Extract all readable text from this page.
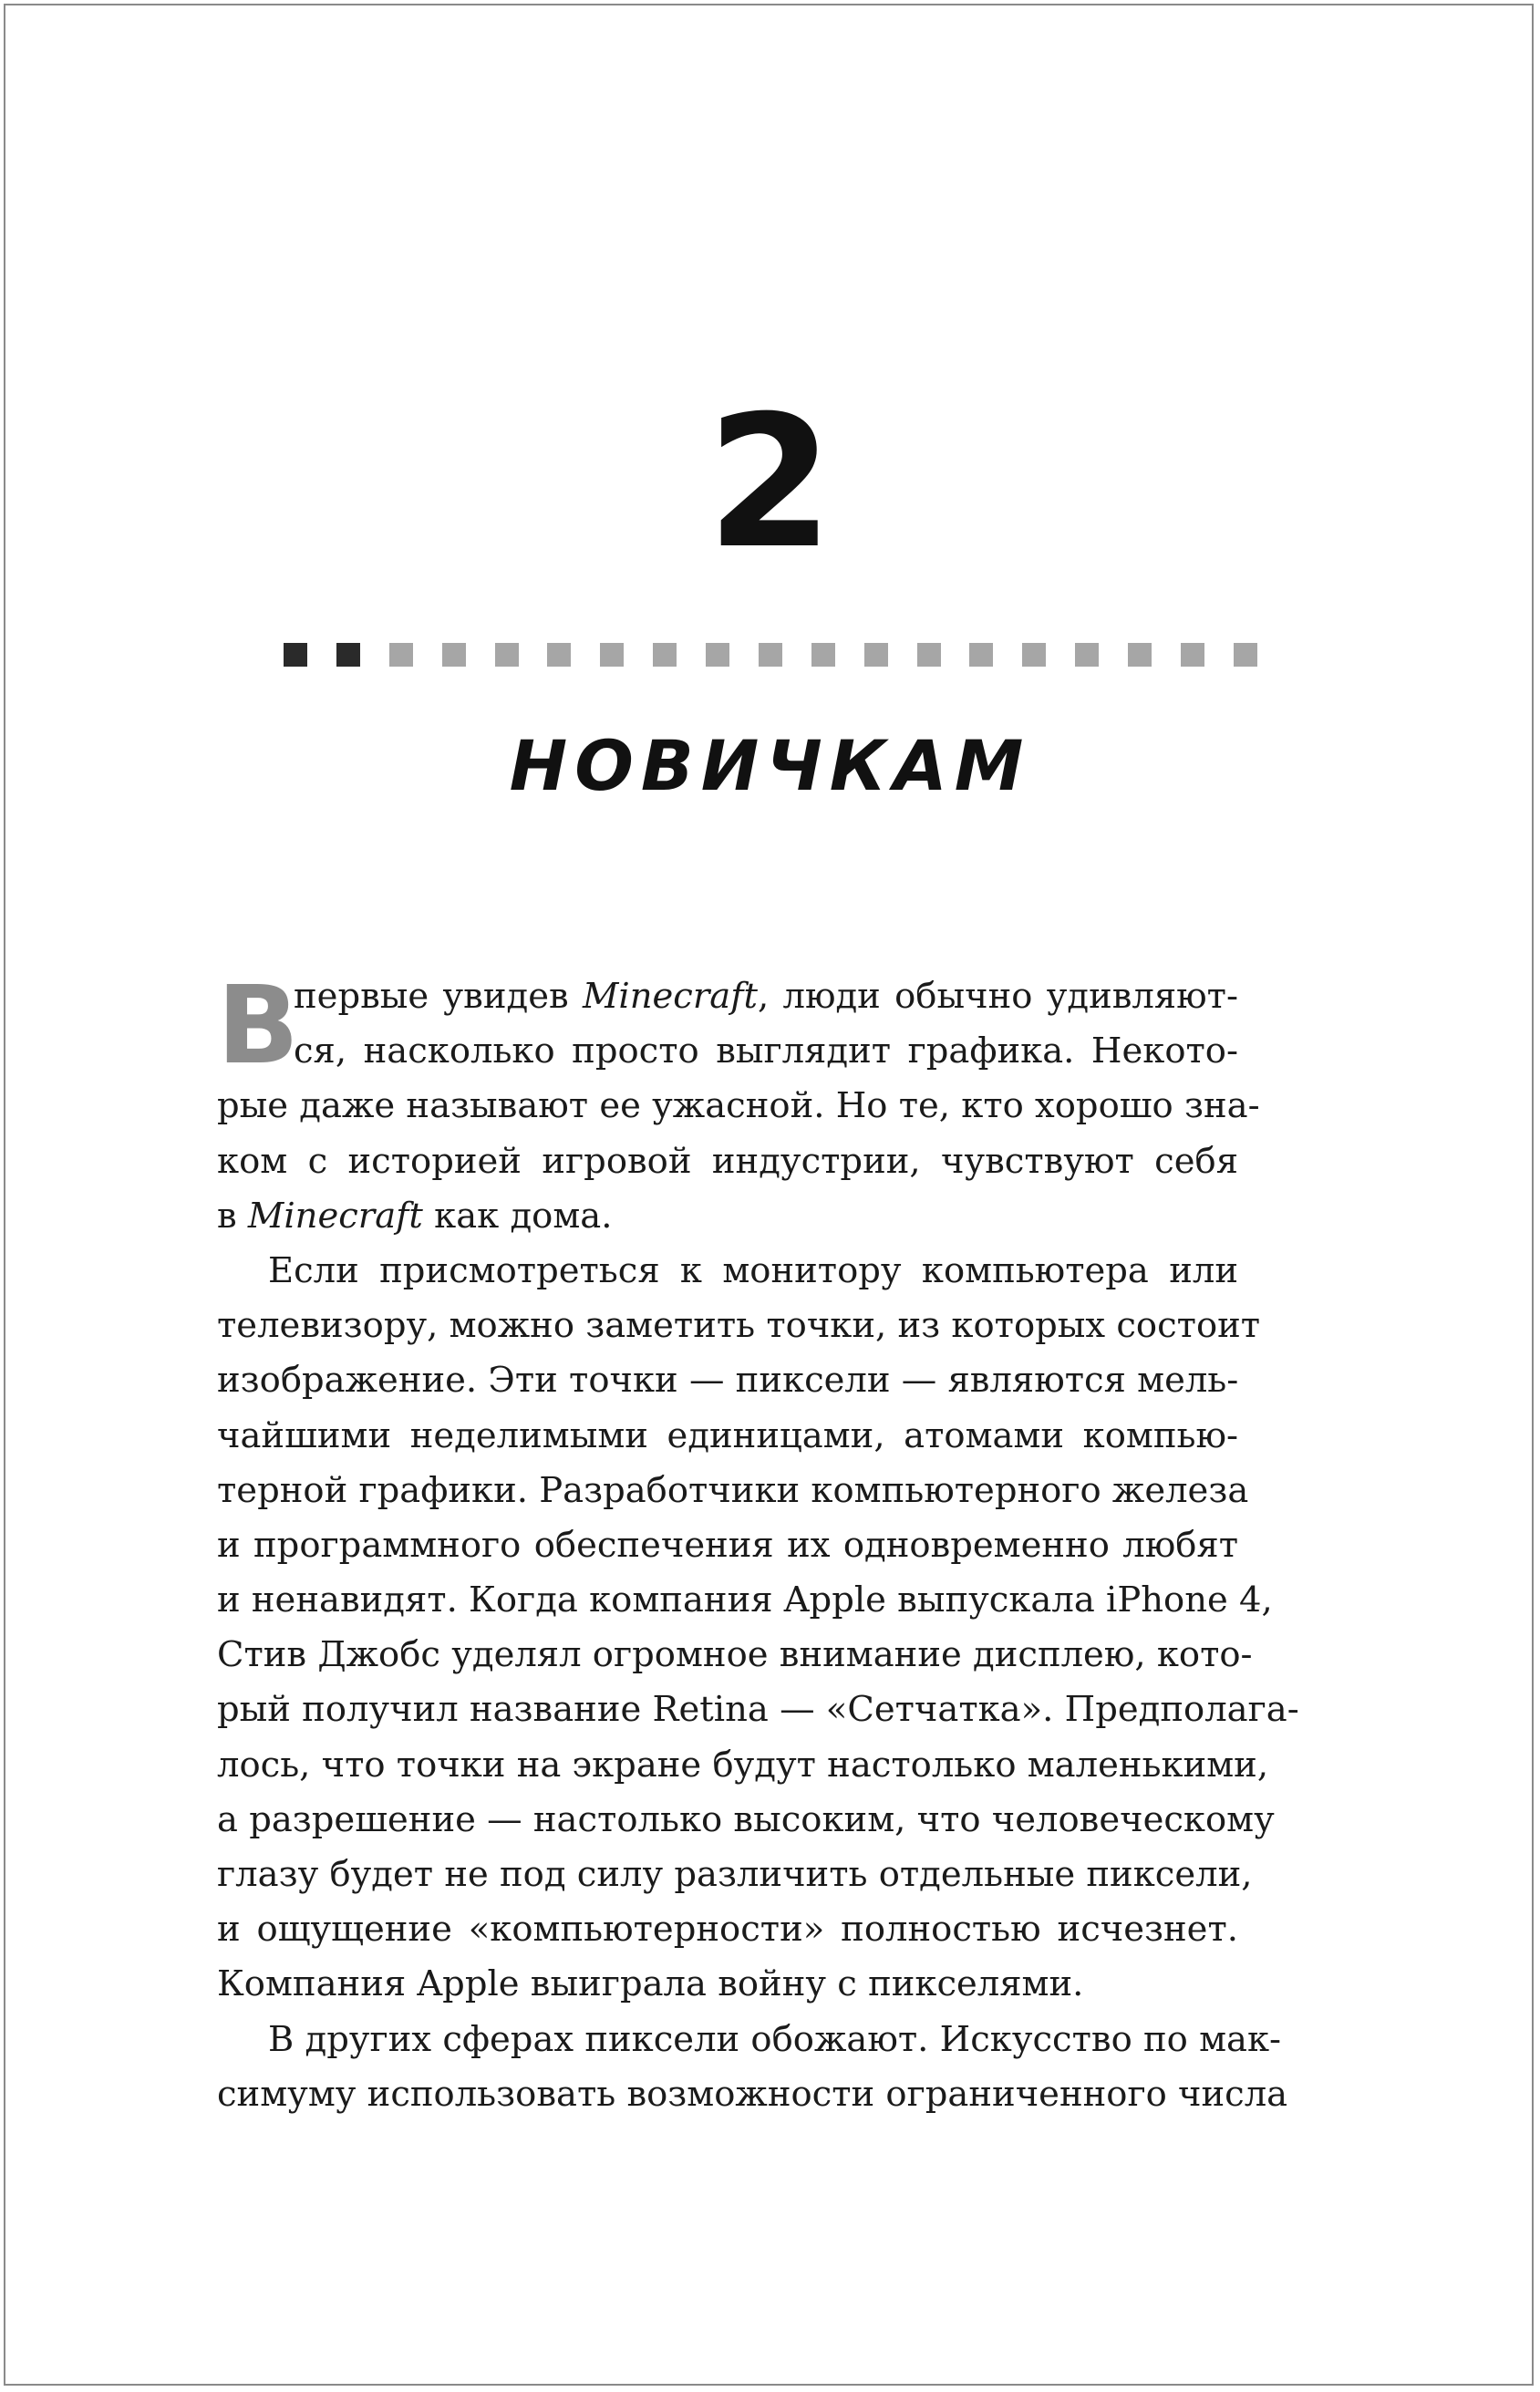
2
НОВИЧКАМ
В
первые увидев Minecraft, люди обычно удивляют-
ся, насколько просто выглядит графика. Некото-
рые даже называют ее ужасной. Но те, кто хорошо зна-
ком с историей игровой индустрии, чувствуют себя
в Minecraft как дома.
Если присмотреться к монитору компьютера или
телевизору, можно заметить точки, из которых состоит
изображение. Эти точки — пиксели — являются мель-
чайшими неделимыми единицами, атомами компью-
терной графики. Разработчики компьютерного железа
и программного обеспечения их одновременно любят
и ненавидят. Когда компания Apple выпускала iPhone 4,
Стив Джобс уделял огромное внимание дисплею, кото-
рый получил название Retina — «Сетчатка». Предполага-
лось, что точки на экране будут настолько маленькими,
а разрешение — настолько высоким, что человеческому
глазу будет не под силу различить отдельные пиксели,
и ощущение «компьютерности» полностью исчезнет.
Компания Apple выиграла войну с пикселями.
В других сферах пиксели обожают. Искусство по мак-
симуму использовать возможности ограниченного числа
